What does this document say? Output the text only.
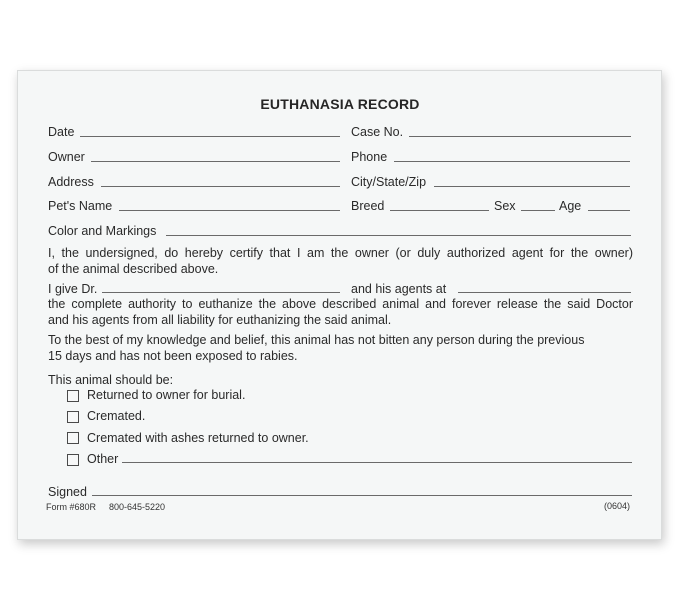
EUTHANASIA RECORD
Date	Case No.
Owner	Phone
Address	City/State/Zip
Pet's Name	Breed	Sex	Age
Color and Markings
I, the undersigned, do hereby certify that I am the owner (or duly authorized agent for the owner)
of the animal described above.
I give Dr.	and his agents at
the complete authority to euthanize the above described animal and forever release the said Doctor
and his agents from all liability for euthanizing the said animal.
To the best of my knowledge and belief, this animal has not bitten any person during the previous
15 days and has not been exposed to rabies.
This animal should be:
Returned to owner for burial.
Cremated.
Cremated with ashes returned to owner.
Other
Signed
Form #680R 800-645-5220	(0604)
